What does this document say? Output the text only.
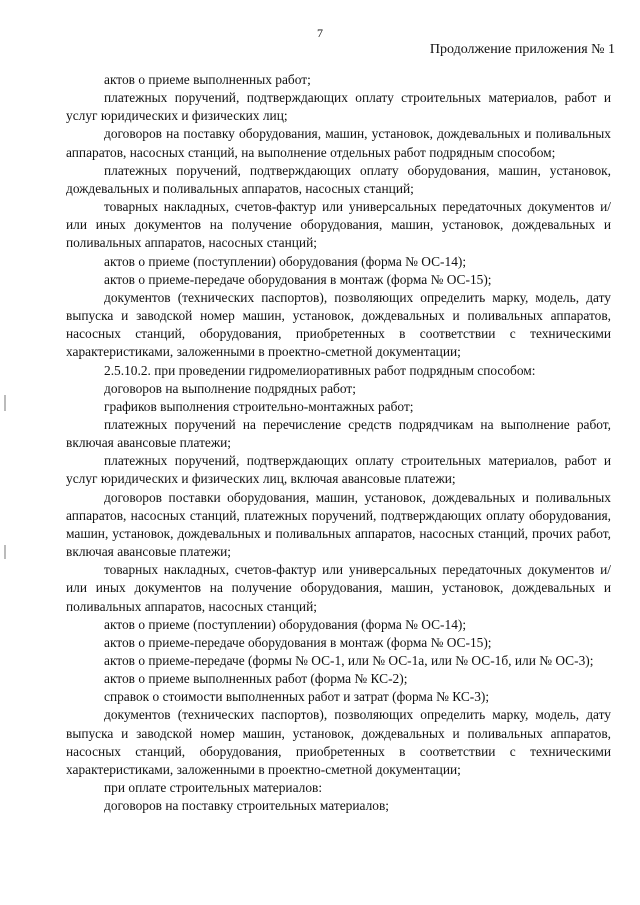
7
Продолжение приложения № 1

актов о приеме выполненных работ;

платежных поручений, подтверждающих оплату строительных материалов, работ и услуг юридических и физических лиц;

договоров на поставку оборудования, машин, установок, дождевальных и поливальных аппаратов, насосных станций, на выполнение отдельных работ подрядным способом;

платежных поручений, подтверждающих оплату оборудования, машин, установок, дождевальных и поливальных аппаратов, насосных станций;

товарных накладных, счетов-фактур или универсальных передаточных документов и/или иных документов на получение оборудования, машин, установок, дождевальных и поливальных аппаратов, насосных станций;

актов о приеме (поступлении) оборудования (форма № ОС-14);

актов о приеме-передаче оборудования в монтаж (форма № ОС-15);

документов (технических паспортов), позволяющих определить марку, модель, дату выпуска и заводской номер машин, установок, дождевальных и поливальных аппаратов, насосных станций, оборудования, приобретенных в соответствии с техническими характеристиками, заложенными в проектно-сметной документации;

2.5.10.2. при проведении гидромелиоративных работ подрядным способом:

договоров на выполнение подрядных работ;

графиков выполнения строительно-монтажных работ;

платежных поручений на перечисление средств подрядчикам на выполнение работ, включая авансовые платежи;

платежных поручений, подтверждающих оплату строительных материалов, работ и услуг юридических и физических лиц, включая авансовые платежи;

договоров поставки оборудования, машин, установок, дождевальных и поливальных аппаратов, насосных станций, платежных поручений, подтверждающих оплату оборудования, машин, установок, дождевальных и поливальных аппаратов, насосных станций, прочих работ, включая авансовые платежи;

товарных накладных, счетов-фактур или универсальных передаточных документов и/или иных документов на получение оборудования, машин, установок, дождевальных и поливальных аппаратов, насосных станций;

актов о приеме (поступлении) оборудования (форма № ОС-14);

актов о приеме-передаче оборудования в монтаж (форма № ОС-15);

актов о приеме-передаче (формы № ОС-1, или № ОС-1а, или № ОС-1б, или № ОС-3);

актов о приеме выполненных работ (форма № КС-2);

справок о стоимости выполненных работ и затрат (форма № КС-3);

документов (технических паспортов), позволяющих определить марку, модель, дату выпуска и заводской номер машин, установок, дождевальных и поливальных аппаратов, насосных станций, оборудования, приобретенных в соответствии с техническими характеристиками, заложенными в проектно-сметной документации;

при оплате строительных материалов:

договоров на поставку строительных материалов;
